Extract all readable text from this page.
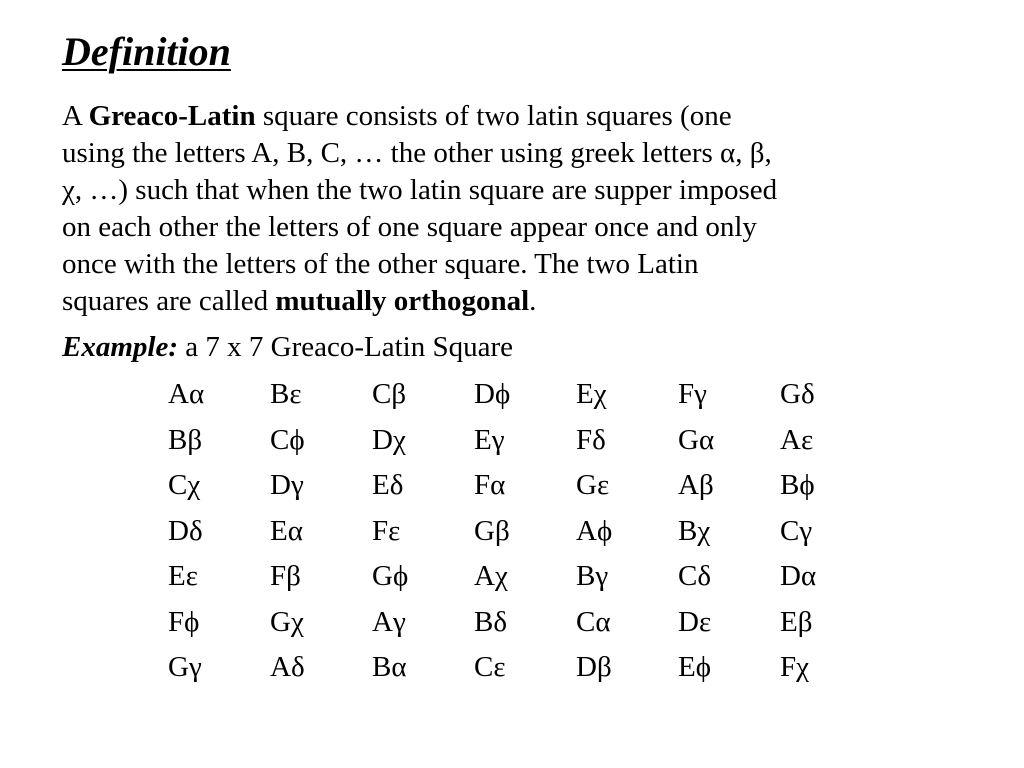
Definition

A Greaco-Latin square consists of two latin squares (one
using the letters A, B, C, … the other using greek letters α, β,
χ, …) such that when the two latin square are supper imposed
on each other the letters of one square appear once and only
once with the letters of the other square. The two Latin
squares are called mutually orthogonal.

Example: a 7 x 7 Greaco-Latin Square

Aα	Bε	Cβ	Dϕ	Eχ	Fγ	Gδ
Bβ	Cϕ	Dχ	Eγ	Fδ	Gα	Aε
Cχ	Dγ	Eδ	Fα	Gε	Aβ	Bϕ
Dδ	Eα	Fε	Gβ	Aϕ	Bχ	Cγ
Eε	Fβ	Gϕ	Aχ	Bγ	Cδ	Dα
Fϕ	Gχ	Aγ	Bδ	Cα	Dε	Eβ
Gγ	Aδ	Bα	Cε	Dβ	Eϕ	Fχ
